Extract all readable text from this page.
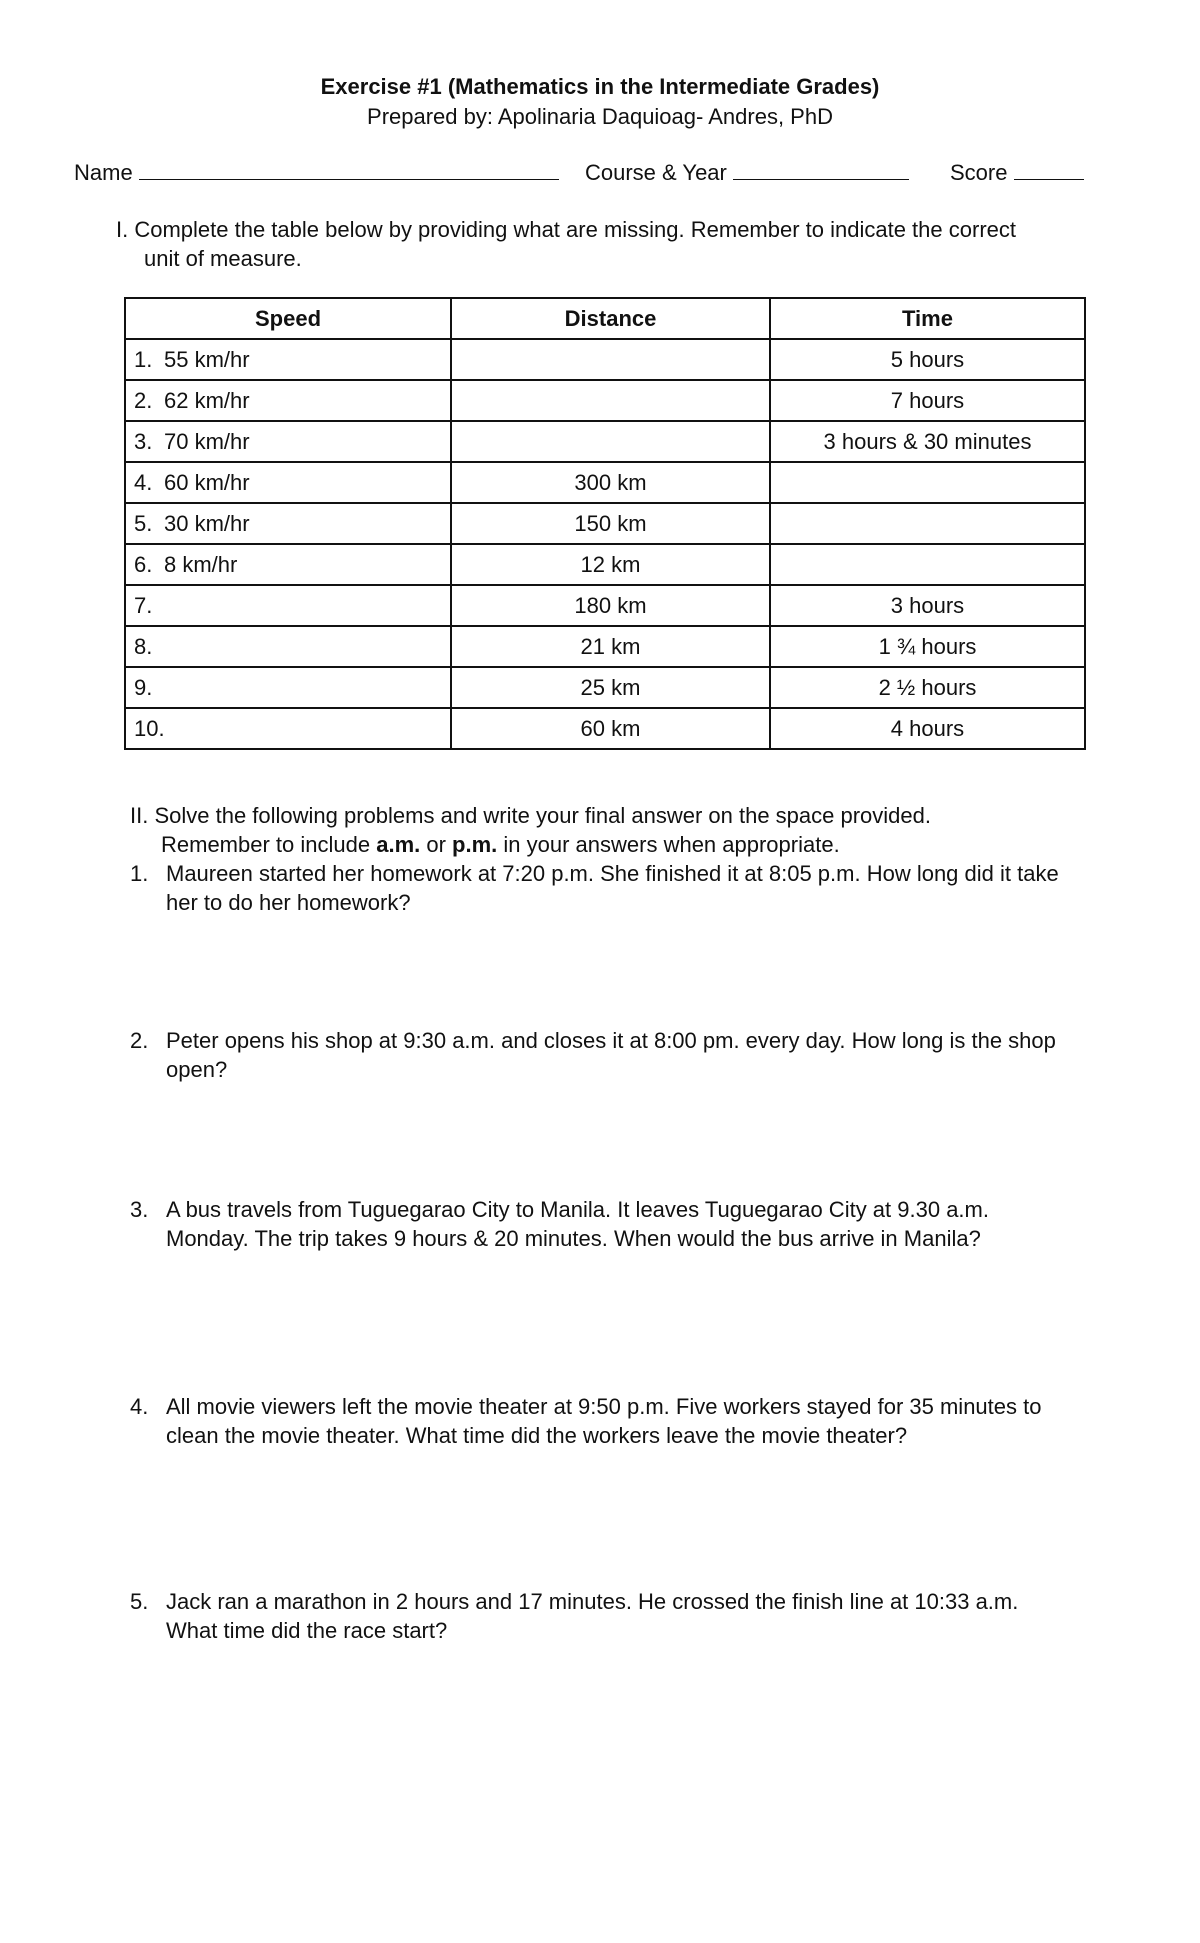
Exercise #1 (Mathematics in the Intermediate Grades)
Prepared by: Apolinaria Daquioag- Andres, PhD
Name	Course & Year	Score
I. Complete the table below by providing what are missing. Remember to indicate the correct
unit of measure.
Speed	Distance	Time
1. 55 km/hr		5 hours
2. 62 km/hr		7 hours
3. 70 km/hr		3 hours & 30 minutes
4. 60 km/hr	300 km	
5. 30 km/hr	150 km	
6. 8 km/hr	12 km	
7.	180 km	3 hours
8.	21 km	1 ¾ hours
9.	25 km	2 ½ hours
10.	60 km	4 hours
II. Solve the following problems and write your final answer on the space provided.
Remember to include a.m. or p.m. in your answers when appropriate.
1. Maureen started her homework at 7:20 p.m. She finished it at 8:05 p.m. How long did it take her to do her homework?
2. Peter opens his shop at 9:30 a.m. and closes it at 8:00 pm. every day. How long is the shop open?
3. A bus travels from Tuguegarao City to Manila. It leaves Tuguegarao City at 9.30 a.m. Monday. The trip takes 9 hours & 20 minutes. When would the bus arrive in Manila?
4. All movie viewers left the movie theater at 9:50 p.m. Five workers stayed for 35 minutes to clean the movie theater. What time did the workers leave the movie theater?
5. Jack ran a marathon in 2 hours and 17 minutes. He crossed the finish line at 10:33 a.m. What time did the race start?
